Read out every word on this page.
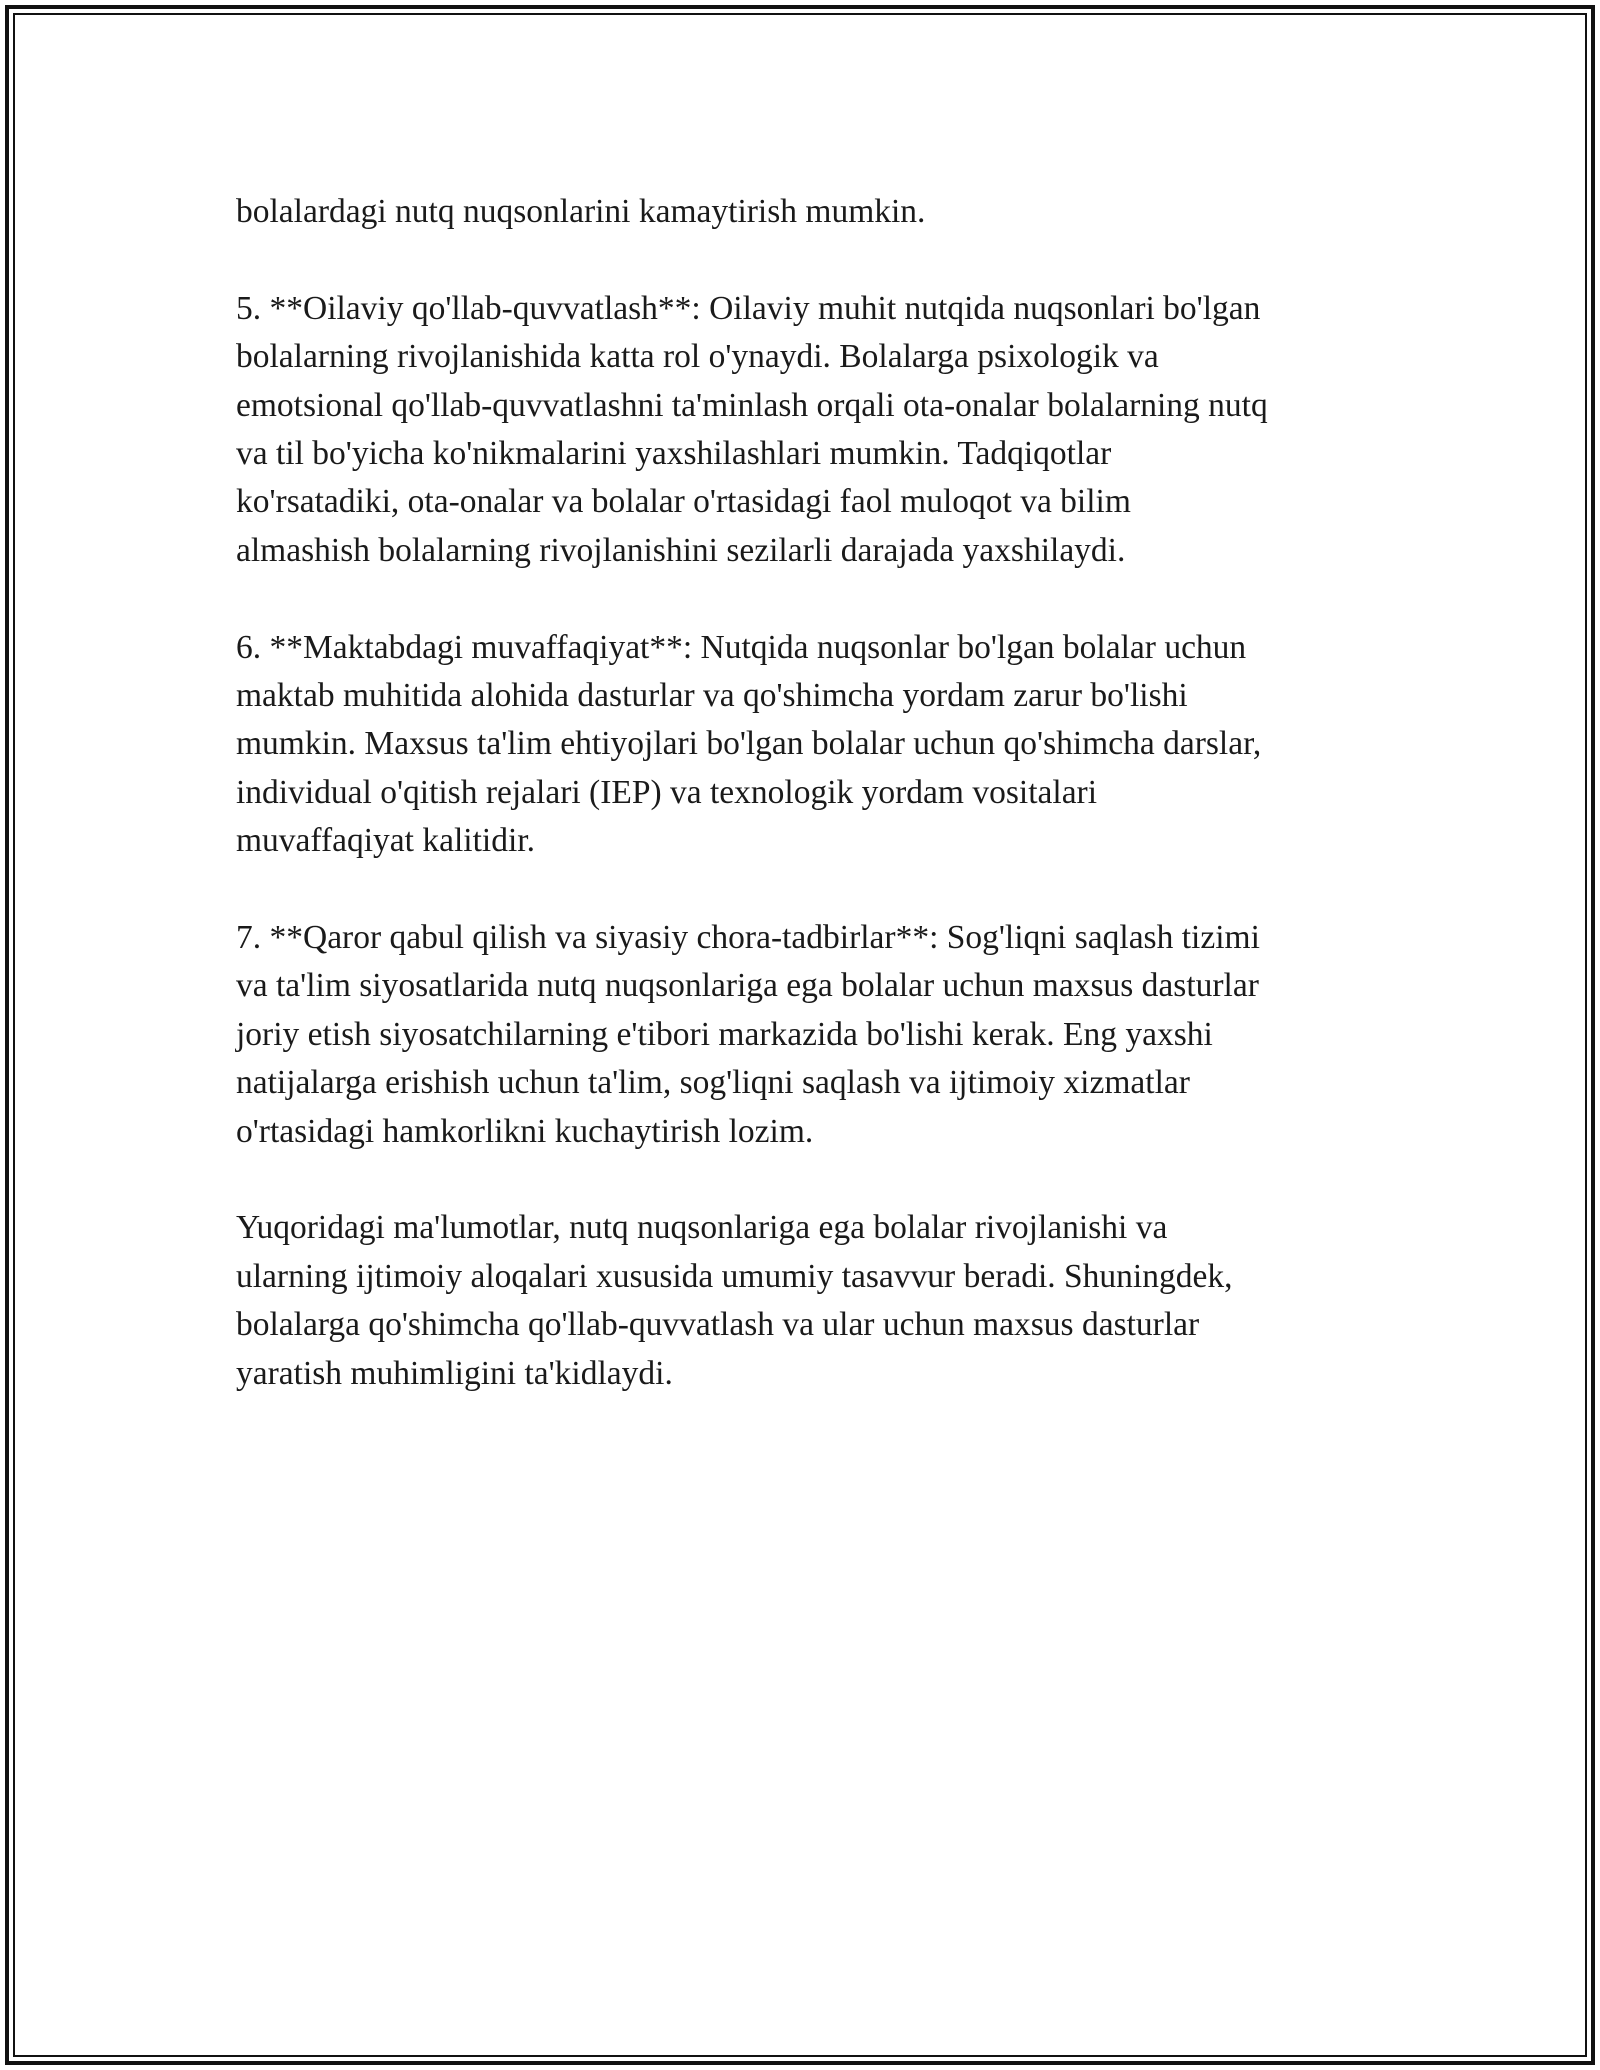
bolalardagi nutq nuqsonlarini kamaytirish mumkin.

5. **Oilaviy qo'llab-quvvatlash**: Oilaviy muhit nutqida nuqsonlari bo'lgan
bolalarning rivojlanishida katta rol o'ynaydi. Bolalarga psixologik va
emotsional qo'llab-quvvatlashni ta'minlash orqali ota-onalar bolalarning nutq
va til bo'yicha ko'nikmalarini yaxshilashlari mumkin. Tadqiqotlar
ko'rsatadiki, ota-onalar va bolalar o'rtasidagi faol muloqot va bilim
almashish bolalarning rivojlanishini sezilarli darajada yaxshilaydi.

6. **Maktabdagi muvaffaqiyat**: Nutqida nuqsonlar bo'lgan bolalar uchun
maktab muhitida alohida dasturlar va qo'shimcha yordam zarur bo'lishi
mumkin. Maxsus ta'lim ehtiyojlari bo'lgan bolalar uchun qo'shimcha darslar,
individual o'qitish rejalari (IEP) va texnologik yordam vositalari
muvaffaqiyat kalitidir.

7. **Qaror qabul qilish va siyasiy chora-tadbirlar**: Sog'liqni saqlash tizimi
va ta'lim siyosatlarida nutq nuqsonlariga ega bolalar uchun maxsus dasturlar
joriy etish siyosatchilarning e'tibori markazida bo'lishi kerak. Eng yaxshi
natijalarga erishish uchun ta'lim, sog'liqni saqlash va ijtimoiy xizmatlar
o'rtasidagi hamkorlikni kuchaytirish lozim.

Yuqoridagi ma'lumotlar, nutq nuqsonlariga ega bolalar rivojlanishi va
ularning ijtimoiy aloqalari xususida umumiy tasavvur beradi. Shuningdek,
bolalarga qo'shimcha qo'llab-quvvatlash va ular uchun maxsus dasturlar
yaratish muhimligini ta'kidlaydi.
